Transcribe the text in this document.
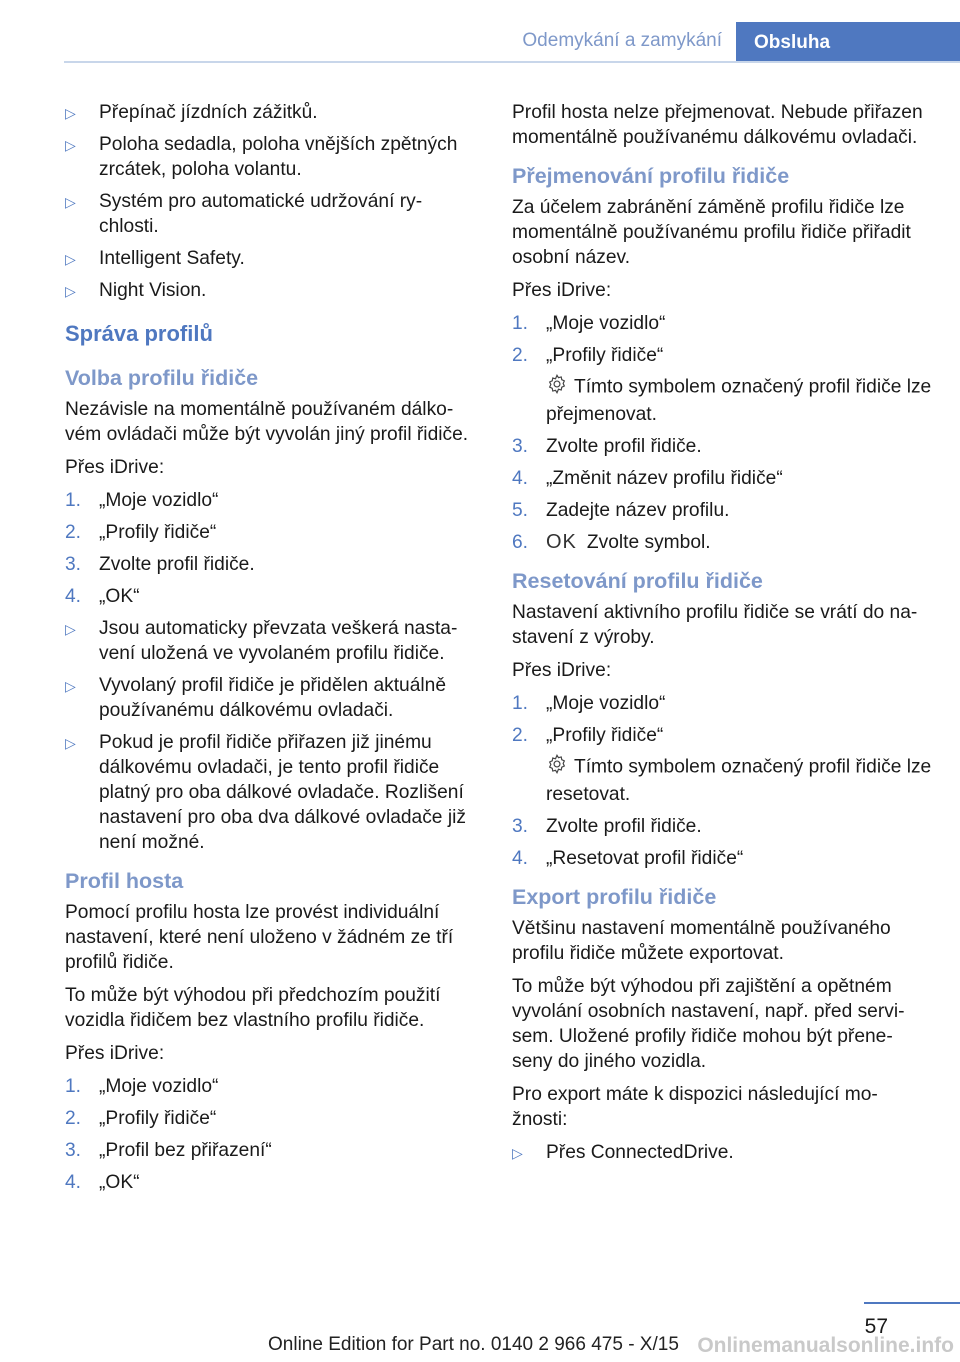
Odemykání a zamykání	Obsluha
▷ Přepínač jízdních zážitků.
▷ Poloha sedadla, poloha vnějších zpětných zrcátek, poloha volantu.
▷ Systém pro automatické udržování ry- chlosti.
▷ Intelligent Safety.
▷ Night Vision.
Správa profilů
Volba profilu řidiče

Nezávisle na momentálně používaném dálko- vém ovládači může být vyvolán jiný profil řidiče.

Přes iDrive:

1. „Moje vozidlo“
2. „Profily řidiče“
3. Zvolte profil řidiče.
4. „OK“
▷ Jsou automaticky převzata veškerá nasta- vení uložená ve vyvolaném profilu řidiče.
▷ Vyvolaný profil řidiče je přidělen aktuálně používanému dálkovému ovladači.
▷ Pokud je profil řidiče přiřazen již jinému dálkovému ovladači, je tento profil řidiče platný pro oba dálkové ovladače. Rozlišení nastavení pro oba dva dálkové ovladače již není možné.
Profil hosta

Pomocí profilu hosta lze provést individuální nastavení, které není uloženo v žádném ze tří profilů řidiče.

To může být výhodou při předchozím použití vozidla řidičem bez vlastního profilu řidiče.

Přes iDrive:

1. „Moje vozidlo“
2. „Profily řidiče“
3. „Profil bez přiřazení“
4. „OK“

Profil hosta nelze přejmenovat. Nebude přiřazen momentálně používanému dálkovému ovladači.

Přejmenování profilu řidiče

Za účelem zabránění záměně profilu řidiče lze momentálně používanému profilu řidiče přiřadit osobní název.

Přes iDrive:

1. „Moje vozidlo“
2. „Profily řidiče“
Tímto symbolem označený profil řidiče lze přejmenovat.
3. Zvolte profil řidiče.
4. „Změnit název profilu řidiče“
5. Zadejte název profilu.
6. OK Zvolte symbol.
Resetování profilu řidiče

Nastavení aktivního profilu řidiče se vrátí do na- stavení z výroby.

Přes iDrive:

1. „Moje vozidlo“
2. „Profily řidiče“
Tímto symbolem označený profil řidiče lze resetovat.
3. Zvolte profil řidiče.
4. „Resetovat profil řidiče“
Export profilu řidiče

Většinu nastavení momentálně používaného profilu řidiče můžete exportovat.

To může být výhodou při zajištění a opětném vyvolání osobních nastavení, např. před servi- sem. Uložené profily řidiče mohou být přene- seny do jiného vozidla.

Pro export máte k dispozici následující mo- žnosti:

▷ Přes ConnectedDrive.
57
Online Edition for Part no. 0140 2 966 475 - X/15 Onlinemanualsonline.info
